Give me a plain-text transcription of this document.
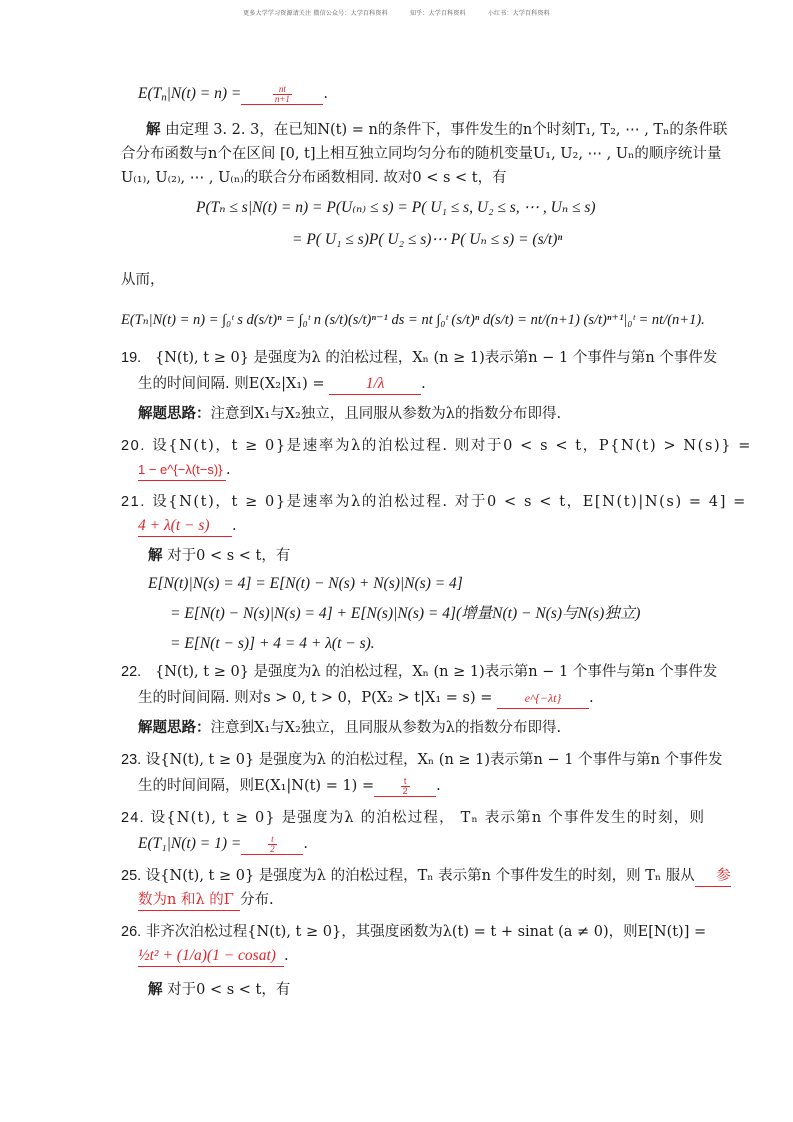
更多大学学习资源请关注 微信公众号：大学百科资料	知乎：大学百科资料	小红书：大学百科资料
$E(T_n|N(t) = n)$ =	$\frac{nt}{n+1}$ .
解 由定理 3. 2. 3，在已知N(t) = n的条件下，事件发生的n个时刻T₁, T₂, ⋯ , Tₙ的条件联
合分布函数与n个在区间 [0, t]上相互独立同均匀分布的随机变量U₁, U₂, ⋯ , Uₙ的顺序统计量
U₍₁₎, U₍₂₎, ⋯ , U₍ₙ₎的联合分布函数相同. 故对0 < s < t，有
P(Tₙ ≤ s|N(t) = n) = P(U₍ₙ₎ ≤ s) = P( U₁ ≤ s, U₂ ≤ s, ⋯ , Uₙ ≤ s)
= P( U₁ ≤ s)P( U₂ ≤ s)⋯ P( Uₙ ≤ s) = (s/t)ⁿ
从而，
E(Tₙ|N(t) = n) = ∫₀ᵗ s d(s/t)ⁿ = ∫₀ᵗ n (s/t)(s/t)ⁿ⁻¹ ds = nt ∫₀ᵗ (s/t)ⁿ d(s/t) = nt/(n+1) (s/t)ⁿ⁺¹|₀ᵗ = nt/(n+1).
19. {N(t), t ≥ 0} 是强度为λ 的泊松过程，Xₙ (n ≥ 1)表示第n − 1 个事件与第n 个事件发
生的时间间隔. 则E(X₂|X₁) =	1/λ	.
解题思路：注意到X₁与X₂独立，且同服从参数为λ的指数分布即得.
20. 设{N(t)，t ≥ 0}是速率为λ的泊松过程. 则对于0 < s < t，P{N(t) > N(s)} =
1 − e^{−λ(t−s)} .
21. 设{N(t)，t ≥ 0}是速率为λ的泊松过程. 对于0 < s < t，E[N(t)|N(s) = 4] =
4 + λ(t − s) .
解 对于0 < s < t，有
E[N(t)|N(s) = 4] = E[N(t) − N(s) + N(s)|N(s) = 4]
= E[N(t) − N(s)|N(s) = 4] + E[N(s)|N(s) = 4](增量N(t) − N(s)与N(s)独立)
= E[N(t − s)] + 4 = 4 + λ(t − s).
22. {N(t), t ≥ 0} 是强度为λ 的泊松过程，Xₙ (n ≥ 1)表示第n − 1 个事件与第n 个事件发
生的时间间隔. 则对s > 0, t > 0，P(X₂ > t|X₁ = s) =	e^{−λt} .
解题思路：注意到X₁与X₂独立，且同服从参数为λ的指数分布即得.
23. 设{N(t), t ≥ 0} 是强度为λ 的泊松过程，Xₙ (n ≥ 1)表示第n − 1 个事件与第n 个事件发
生的时间间隔，则E(X₁|N(t) = 1) =	$\frac{t}{2}$ .
24. 设{N(t), t ≥ 0} 是强度为λ 的泊松过程， Tₙ 表示第n 个事件发生的时刻，则
E(T₁|N(t) = 1) =	$\frac{t}{2}$ .
25. 设{N(t), t ≥ 0} 是强度为λ 的泊松过程，Tₙ 表示第n 个事件发生的时刻，则 Tₙ 服从 参
数为n 和λ 的Γ 分布.
26. 非齐次泊松过程{N(t), t ≥ 0}，其强度函数为λ(t) = t + sinat (a ≠ 0)，则E[N(t)] =
½t² + (1/a)(1 − cosat) .
解 对于0 < s < t，有
